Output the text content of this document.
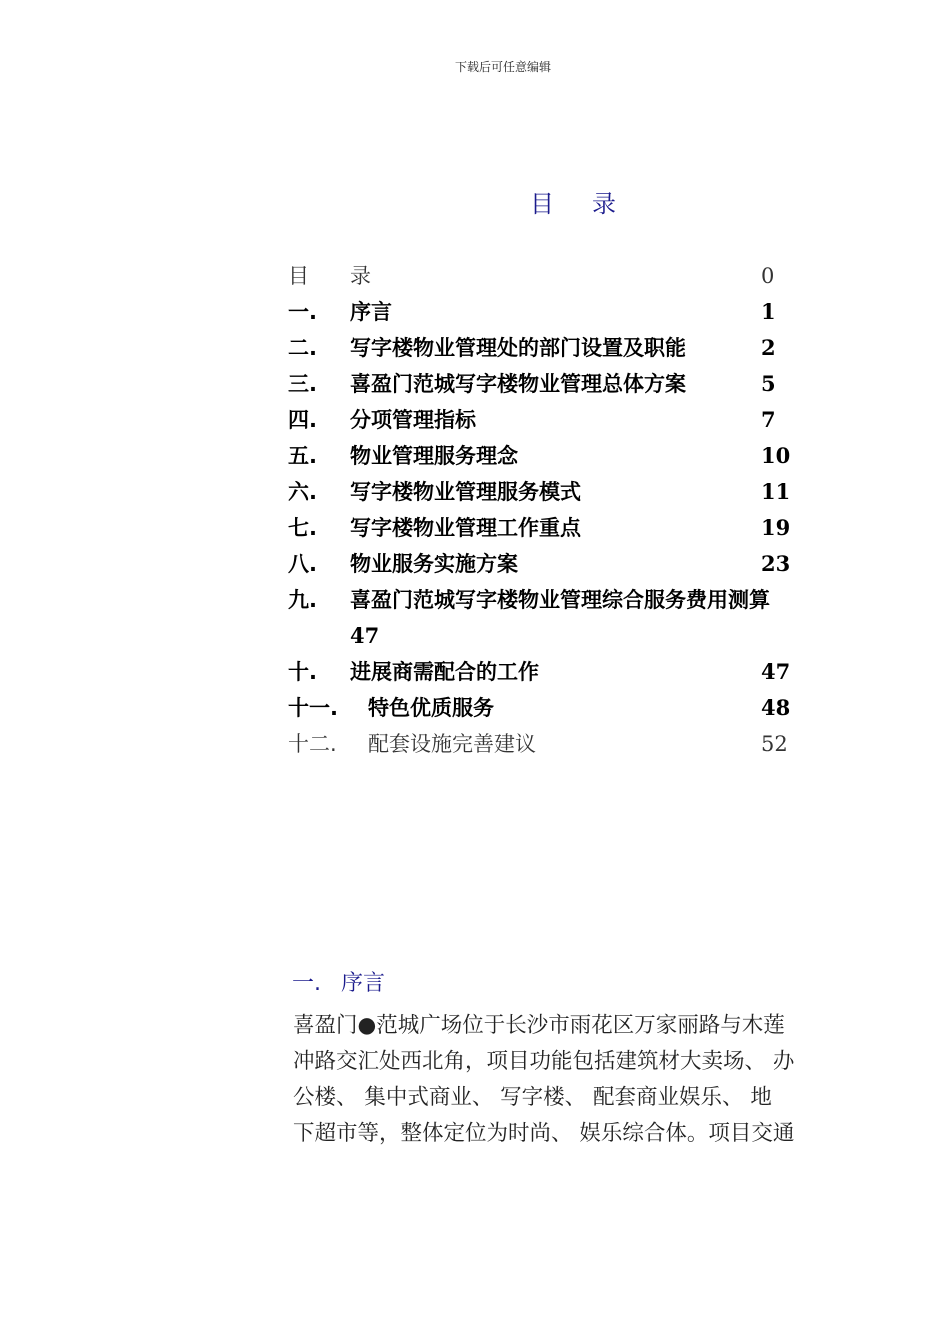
下载后可任意编辑
目 录
目 录	0
一. 序言	1
二. 写字楼物业管理处的部门设置及职能	2
三. 喜盈门范城写字楼物业管理总体方案	5
四. 分项管理指标	7
五. 物业管理服务理念	10
六. 写字楼物业管理服务模式	11
七. 写字楼物业管理工作重点	19
八. 物业服务实施方案	23
九. 喜盈门范城写字楼物业管理综合服务费用测算
47
十. 进展商需配合的工作	47
十一. 特色优质服务	48
十二. 配套设施完善建议	52
一. 序言
喜盈门●范城广场位于长沙市雨花区万家丽路与木莲
冲路交汇处西北角，项目功能包括建筑材大卖场、 办
公楼、 集中式商业、 写字楼、 配套商业娱乐、 地
下超市等，整体定位为时尚、 娱乐综合体。项目交通
